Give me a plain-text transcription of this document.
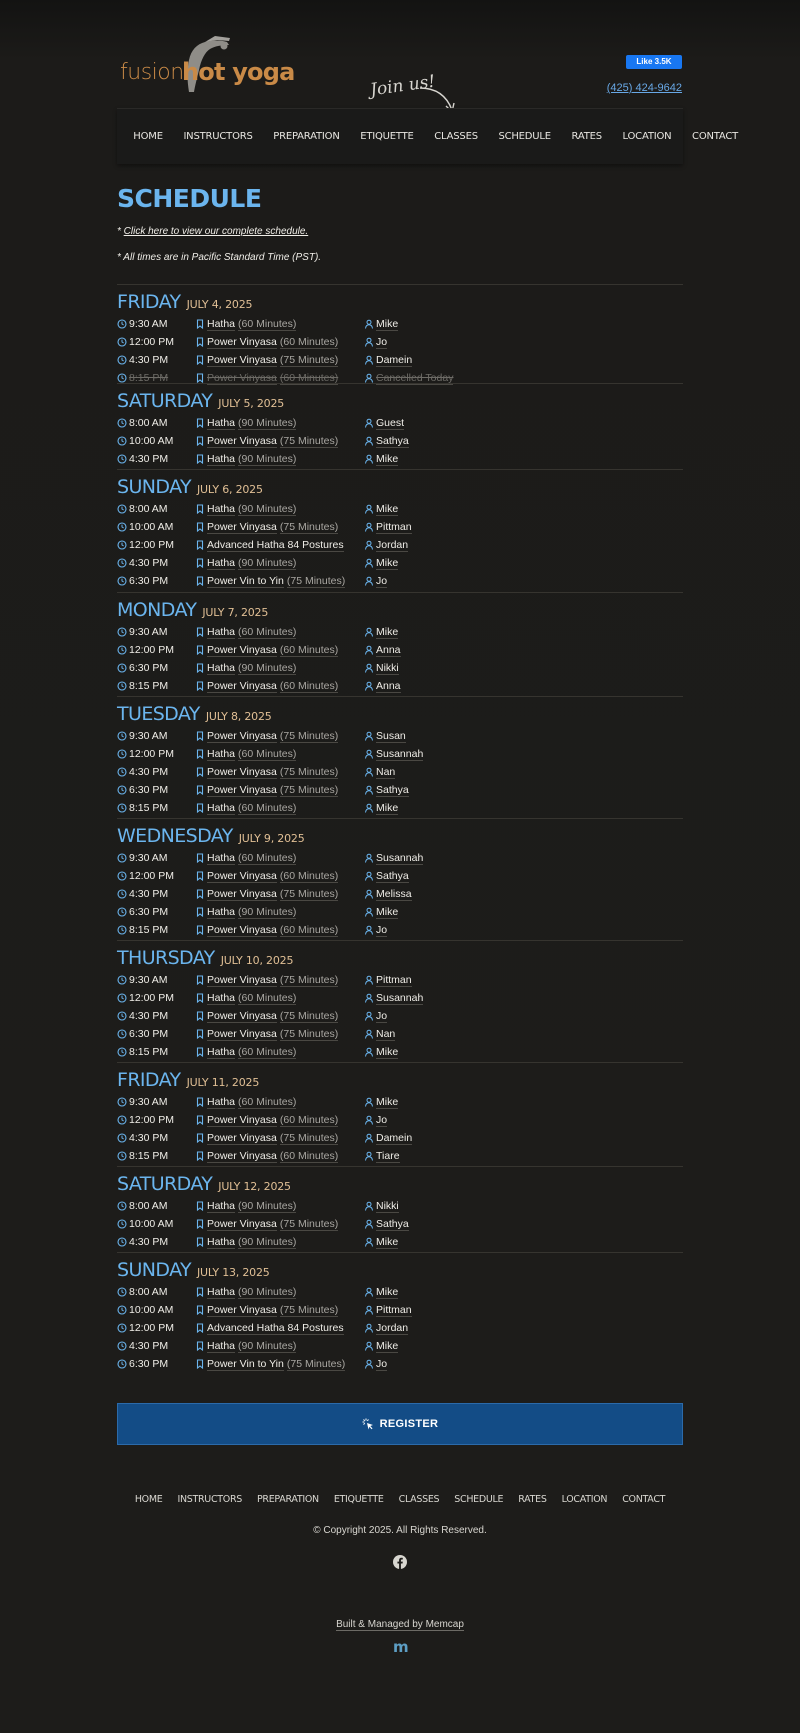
fusion
hot yoga	Like 3.5K
(425) 424-9642
Join us!
HOME	INSTRUCTORS	PREPARATION	ETIQUETTE	CLASSES	SCHEDULE	RATES	LOCATION	CONTACT
SCHEDULE
* Click here to view our complete schedule.
* All times are in Pacific Standard Time (PST).
FRIDAY JULY 4, 2025
9:30 AM	Hatha (60 Minutes)	Mike
12:00 PM	Power Vinyasa (60 Minutes)	Jo
4:30 PM	Power Vinyasa (75 Minutes)	Damein
8:15 PM	Power Vinyasa (60 Minutes)	Cancelled Today
SATURDAY JULY 5, 2025
8:00 AM	Hatha (90 Minutes)	Guest
10:00 AM	Power Vinyasa (75 Minutes)	Sathya
4:30 PM	Hatha (90 Minutes)	Mike
SUNDAY JULY 6, 2025
8:00 AM	Hatha (90 Minutes)	Mike
10:00 AM	Power Vinyasa (75 Minutes)	Pittman
12:00 PM	Advanced Hatha 84 Postures	Jordan
4:30 PM	Hatha (90 Minutes)	Mike
6:30 PM	Power Vin to Yin (75 Minutes)	Jo
MONDAY JULY 7, 2025
9:30 AM	Hatha (60 Minutes)	Mike
12:00 PM	Power Vinyasa (60 Minutes)	Anna
6:30 PM	Hatha (90 Minutes)	Nikki
8:15 PM	Power Vinyasa (60 Minutes)	Anna
TUESDAY JULY 8, 2025
9:30 AM	Power Vinyasa (75 Minutes)	Susan
12:00 PM	Hatha (60 Minutes)	Susannah
4:30 PM	Power Vinyasa (75 Minutes)	Nan
6:30 PM	Power Vinyasa (75 Minutes)	Sathya
8:15 PM	Hatha (60 Minutes)	Mike
WEDNESDAY JULY 9, 2025
9:30 AM	Hatha (60 Minutes)	Susannah
12:00 PM	Power Vinyasa (60 Minutes)	Sathya
4:30 PM	Power Vinyasa (75 Minutes)	Melissa
6:30 PM	Hatha (90 Minutes)	Mike
8:15 PM	Power Vinyasa (60 Minutes)	Jo
THURSDAY JULY 10, 2025
9:30 AM	Power Vinyasa (75 Minutes)	Pittman
12:00 PM	Hatha (60 Minutes)	Susannah
4:30 PM	Power Vinyasa (75 Minutes)	Jo
6:30 PM	Power Vinyasa (75 Minutes)	Nan
8:15 PM	Hatha (60 Minutes)	Mike
FRIDAY JULY 11, 2025
9:30 AM	Hatha (60 Minutes)	Mike
12:00 PM	Power Vinyasa (60 Minutes)	Jo
4:30 PM	Power Vinyasa (75 Minutes)	Damein
8:15 PM	Power Vinyasa (60 Minutes)	Tiare
SATURDAY JULY 12, 2025
8:00 AM	Hatha (90 Minutes)	Nikki
10:00 AM	Power Vinyasa (75 Minutes)	Sathya
4:30 PM	Hatha (90 Minutes)	Mike
SUNDAY JULY 13, 2025
8:00 AM	Hatha (90 Minutes)	Mike
10:00 AM	Power Vinyasa (75 Minutes)	Pittman
12:00 PM	Advanced Hatha 84 Postures	Jordan
4:30 PM	Hatha (90 Minutes)	Mike
6:30 PM	Power Vin to Yin (75 Minutes)	Jo
REGISTER
HOME	INSTRUCTORS	PREPARATION	ETIQUETTE	CLASSES	SCHEDULE	RATES	LOCATION	CONTACT
© Copyright 2025. All Rights Reserved.
Built & Managed by Memcap
m
